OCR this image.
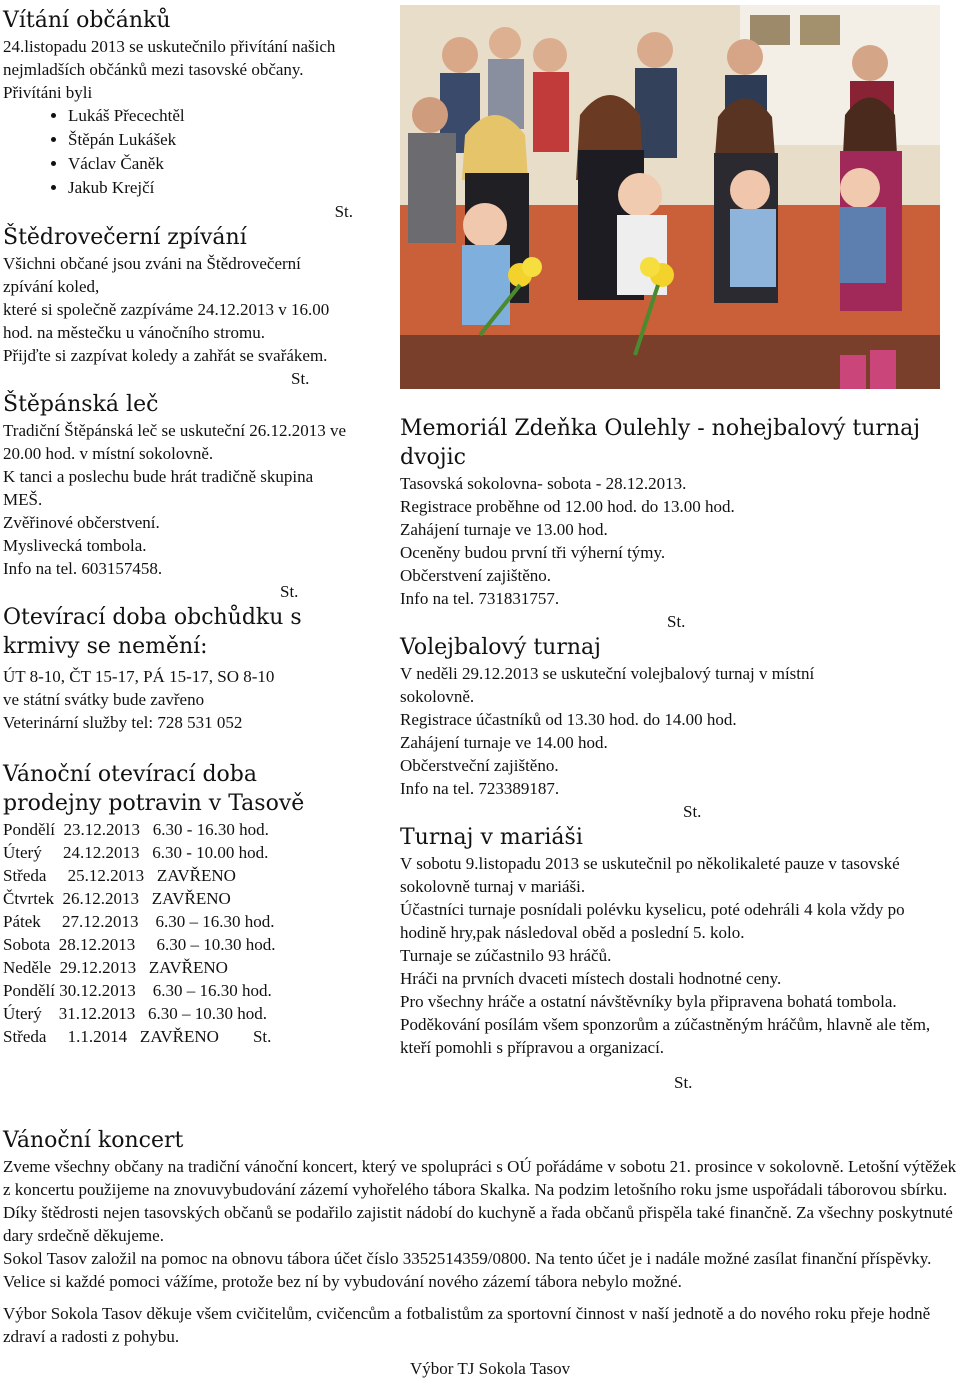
Vítání občánků

24.listopadu 2013 se uskutečnilo přivítání našich nejmladších občánků mezi tasovské občany.

Přivítáni byli

• Lukáš Přecechtěl
• Štěpán Lukášek
• Václav Čaněk
• Jakub Krejčí

St.

Štědrovečerní zpívání

Všichni občané jsou zváni na Štědrovečerní zpívání koled,

které si společně zazpíváme 24.12.2013 v 16.00 hod. na městečku u vánočního stromu.

Přijďte si zazpívat koledy a zahřát se svařákem.

St.

Štěpánská leč

Tradiční Štěpánská leč se uskuteční 26.12.2013 ve 20.00 hod. v místní sokolovně.

K tanci a poslechu bude hrát tradičně skupina MEŠ.

Zvěřinové občerstvení.

Myslivecká tombola.

Info na tel. 603157458.

St.

Otevírací doba obchůdku s krmivy se nemění:

ÚT 8-10, ČT 15-17, PÁ 15-17, SO 8-10

ve státní svátky bude zavřeno

Veterinární služby tel: 728 531 052

Vánoční otevírací doba prodejny potravin v Tasově

Pondělí  23.12.2013   6.30 - 16.30 hod.

Úterý     24.12.2013   6.30 - 10.00 hod.

Středa     25.12.2013   ZAVŘENO

Čtvrtek  26.12.2013   ZAVŘENO

Pátek     27.12.2013    6.30 – 16.30 hod.

Sobota  28.12.2013     6.30 – 10.30 hod.

Neděle  29.12.2013   ZAVŘENO

Pondělí 30.12.2013    6.30 – 16.30 hod.

Úterý    31.12.2013   6.30 – 10.30 hod.

Středa     1.1.2014   ZAVŘENO        St.

Memoriál Zdeňka Oulehly - nohejbalový turnaj dvojic

Tasovská sokolovna- sobota - 28.12.2013.

Registrace proběhne od 12.00 hod. do 13.00 hod.

Zahájení turnaje ve 13.00 hod.

Oceněny budou první tři výherní týmy.

Občerstvení zajištěno.

Info na tel. 731831757.

St.

Volejbalový turnaj

V neděli 29.12.2013 se uskuteční volejbalový turnaj v místní sokolovně.

Registrace účastníků od 13.30 hod. do 14.00 hod.

Zahájení turnaje ve 14.00 hod.

Občerstveční zajištěno.

Info na tel. 723389187.

St.

Turnaj v mariáši

V sobotu 9.listopadu 2013 se uskutečnil po několikaleté pauze v tasovské sokolovně turnaj v mariáši.

Účastníci turnaje posnídali polévku kyselicu, poté odehráli 4 kola vždy po hodině hry,pak následoval oběd a poslední 5. kolo.

Turnaje se zúčastnilo 93 hráčů.

Hráči na prvních dvaceti místech dostali hodnotné ceny.

Pro všechny hráče a ostatní návštěvníky byla připravena bohatá tombola.

Poděkování posílám všem sponzorům a zúčastněným hráčům, hlavně ale těm, kteří pomohli s přípravou a organizací.

St.

Vánoční koncert

Zveme všechny občany na tradiční vánoční koncert, který ve spolupráci s OÚ pořádáme v sobotu 21. prosince v sokolovně. Letošní výtěžek z koncertu použijeme na znovuvybudování zázemí vyhořelého tábora Skalka. Na podzim letošního roku jsme uspořádali táborovou sbírku. Díky štědrosti nejen tasovských občanů se podařilo zajistit nádobí do kuchyně a řada občanů přispěla také finančně. Za všechny poskytnuté dary srdečně děkujeme.

Sokol Tasov založil na pomoc na obnovu tábora účet číslo 3352514359/0800. Na tento účet je i nadále možné zasílat finanční příspěvky.

Velice si každé pomoci vážíme, protože bez ní by vybudování nového zázemí tábora nebylo možné.

Výbor Sokola Tasov děkuje všem cvičitelům, cvičencům a fotbalistům za sportovní činnost v naší jednotě a do nového roku přeje hodně zdraví a radosti z pohybu.

Výbor TJ Sokola Tasov
